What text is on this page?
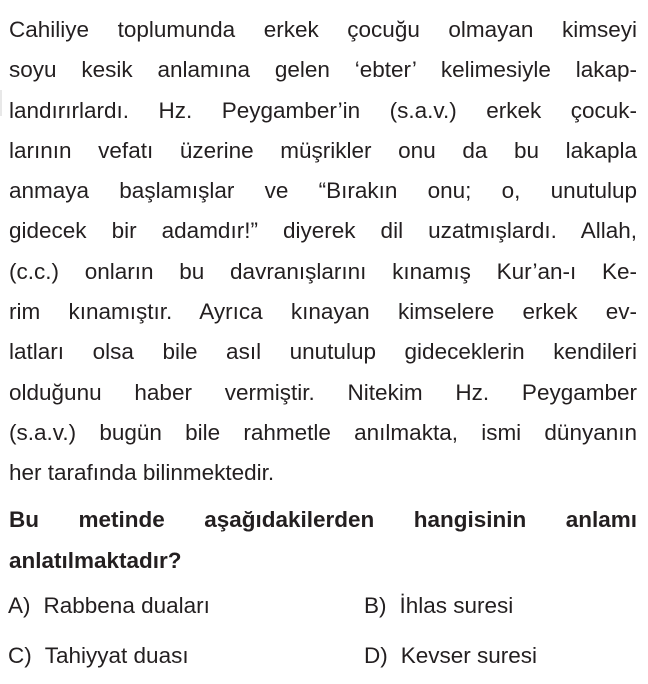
Cahiliye toplumunda erkek çocuğu olmayan kimseyi
soyu kesik anlamına gelen ‘ebter’ kelimesiyle lakap-
landırırlardı. Hz. Peygamber’in (s.a.v.) erkek çocuk-
larının vefatı üzerine müşrikler onu da bu lakapla
anmaya başlamışlar ve “Bırakın onu; o, unutulup
gidecek bir adamdır!” diyerek dil uzatmışlardı. Allah,
(c.c.) onların bu davranışlarını kınamış Kur’an-ı Ke-
rim kınamıştır. Ayrıca kınayan kimselere erkek ev-
latları olsa bile asıl unutulup gideceklerin kendileri
olduğunu haber vermiştir. Nitekim Hz. Peygamber
(s.a.v.) bugün bile rahmetle anılmakta, ismi dünyanın
her tarafında bilinmektedir.
Bu metinde aşağıdakilerden hangisinin anlamı
anlatılmaktadır?
A) Rabbena duaları	B) İhlas suresi
C) Tahiyyat duası	D) Kevser suresi
